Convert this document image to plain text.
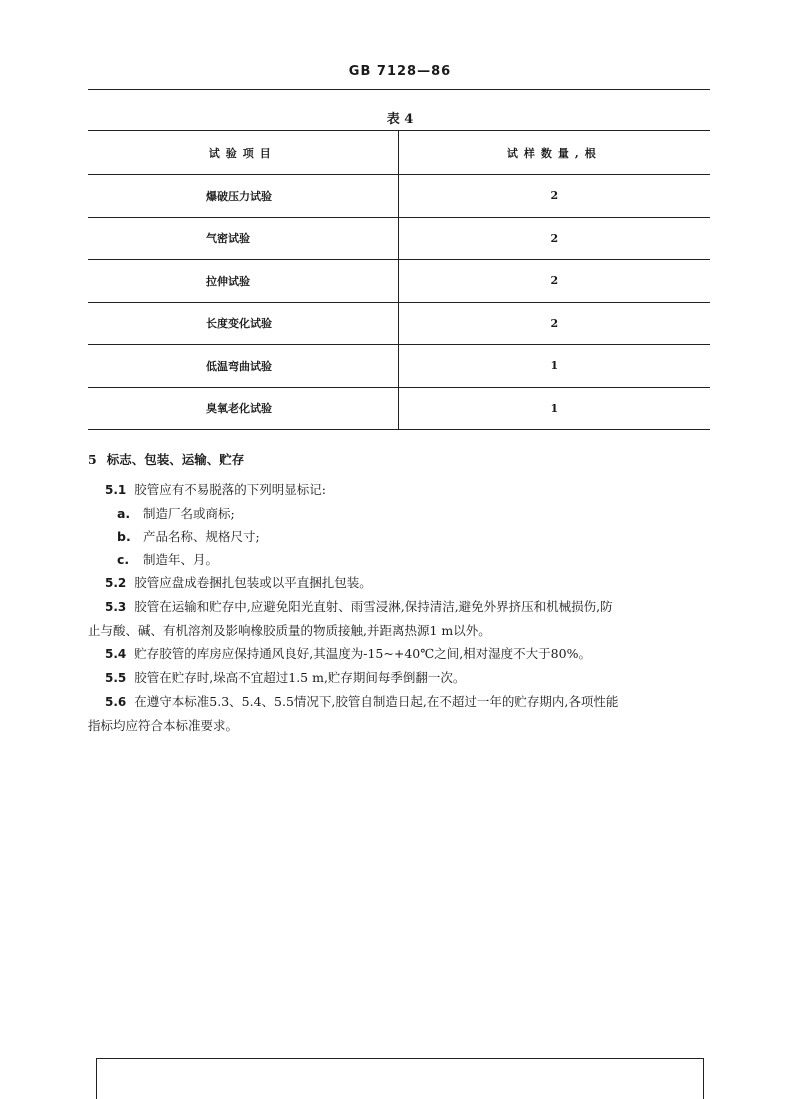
GB 7128—86
表 4
试验项目	试样数量,根
爆破压力试验	2
气密试验	2
拉伸试验	2
长度变化试验	2
低温弯曲试验	1
臭氧老化试验	1
5 标志、包装、运输、贮存

5.1 胶管应有不易脱落的下列明显标记:

a. 制造厂名或商标;

b. 产品名称、规格尺寸;

c. 制造年、月。

5.2 胶管应盘成卷捆扎包装或以平直捆扎包装。

5.3 胶管在运输和贮存中,应避免阳光直射、雨雪浸淋,保持清洁,避免外界挤压和机械损伤,防

止与酸、碱、有机溶剂及影响橡胶质量的物质接触,并距离热源1 m以外。

5.4 贮存胶管的库房应保持通风良好,其温度为-15~+40℃之间,相对湿度不大于80%。

5.5 胶管在贮存时,垛高不宜超过1.5 m,贮存期间每季倒翻一次。

5.6 在遵守本标准5.3、5.4、5.5情况下,胶管自制造日起,在不超过一年的贮存期内,各项性能

指标均应符合本标准要求。
